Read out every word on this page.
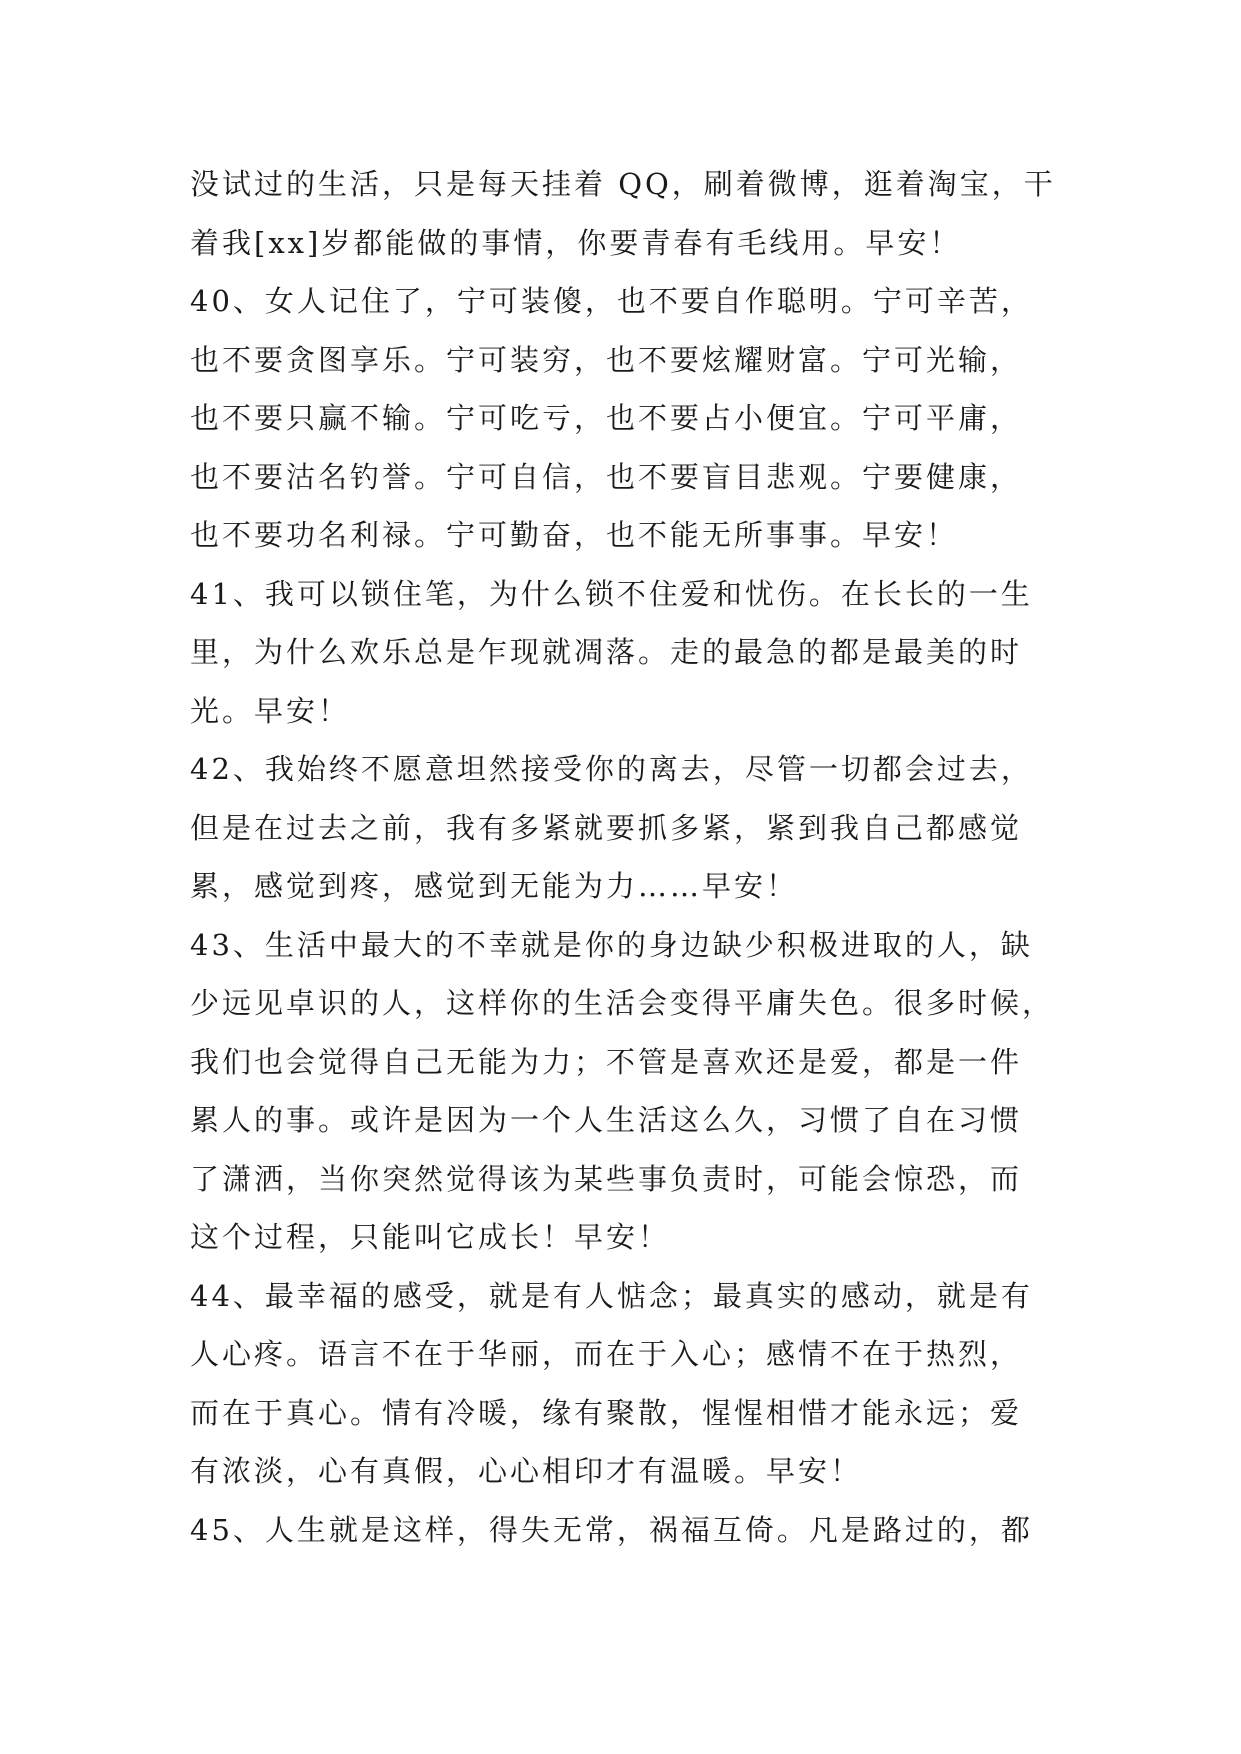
没试过的生活，只是每天挂着 QQ，刷着微博，逛着淘宝，干
着我[xx]岁都能做的事情，你要青春有毛线用。早安！
40、女人记住了，宁可装傻，也不要自作聪明。宁可辛苦，
也不要贪图享乐。宁可装穷，也不要炫耀财富。宁可光输，
也不要只赢不输。宁可吃亏，也不要占小便宜。宁可平庸，
也不要沽名钓誉。宁可自信，也不要盲目悲观。宁要健康，
也不要功名利禄。宁可勤奋，也不能无所事事。早安！
41、我可以锁住笔，为什么锁不住爱和忧伤。在长长的一生
里，为什么欢乐总是乍现就凋落。走的最急的都是最美的时
光。早安！
42、我始终不愿意坦然接受你的离去，尽管一切都会过去，
但是在过去之前，我有多紧就要抓多紧，紧到我自己都感觉
累，感觉到疼，感觉到无能为力……早安！
43、生活中最大的不幸就是你的身边缺少积极进取的人，缺
少远见卓识的人，这样你的生活会变得平庸失色。很多时候，
我们也会觉得自己无能为力；不管是喜欢还是爱，都是一件
累人的事。或许是因为一个人生活这么久，习惯了自在习惯
了潇洒，当你突然觉得该为某些事负责时，可能会惊恐，而
这个过程，只能叫它成长！早安！
44、最幸福的感受，就是有人惦念；最真实的感动，就是有
人心疼。语言不在于华丽，而在于入心；感情不在于热烈，
而在于真心。情有冷暖，缘有聚散，惺惺相惜才能永远；爱
有浓淡，心有真假，心心相印才有温暖。早安！
45、人生就是这样，得失无常，祸福互倚。凡是路过的，都
